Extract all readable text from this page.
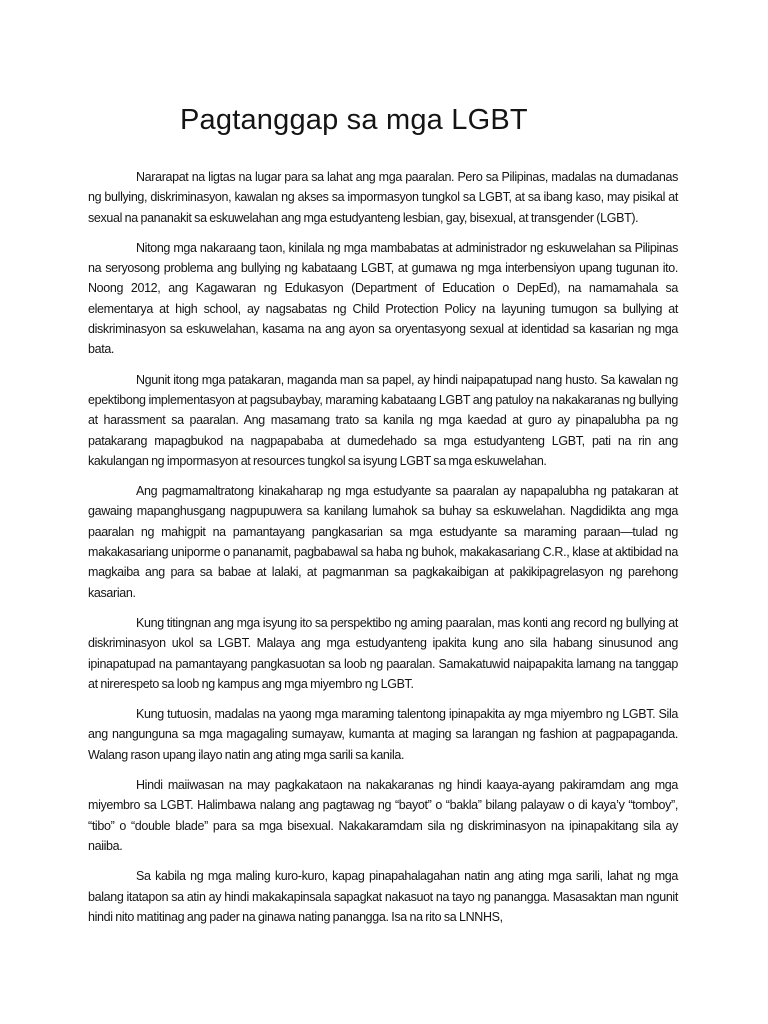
Pagtanggap sa mga LGBT

Nararapat na ligtas na lugar para sa lahat ang mga paaralan. Pero sa Pilipinas, madalas na dumadanas ng bullying, diskriminasyon, kawalan ng akses sa impormasyon tungkol sa LGBT, at sa ibang kaso, may pisikal at sexual na pananakit sa eskuwelahan ang mga estudyanteng lesbian, gay, bisexual, at transgender (LGBT).

Nitong mga nakaraang taon, kinilala ng mga mambabatas at administrador ng eskuwelahan sa Pilipinas na seryosong problema ang bullying ng kabataang LGBT, at gumawa ng mga interbensiyon upang tugunan ito. Noong 2012, ang Kagawaran ng Edukasyon (Department of Education o DepEd), na namamahala sa elementarya at high school, ay nagsabatas ng Child Protection Policy na layuning tumugon sa bullying at diskriminasyon sa eskuwelahan, kasama na ang ayon sa oryentasyong sexual at identidad sa kasarian ng mga bata.

Ngunit itong mga patakaran, maganda man sa papel, ay hindi naipapatupad nang husto. Sa kawalan ng epektibong implementasyon at pagsubaybay, maraming kabataang LGBT ang patuloy na nakakaranas ng bullying at harassment sa paaralan. Ang masamang trato sa kanila ng mga kaedad at guro ay pinapalubha pa ng patakarang mapagbukod na nagpapababa at dumedehado sa mga estudyanteng LGBT, pati na rin ang kakulangan ng impormasyon at resources tungkol sa isyung LGBT sa mga eskuwelahan.

Ang pagmamaltratong kinakaharap ng mga estudyante sa paaralan ay napapalubha ng patakaran at gawaing mapanghusgang nagpupuwera sa kanilang lumahok sa buhay sa eskuwelahan. Nagdidikta ang mga paaralan ng mahigpit na pamantayang pangkasarian sa mga estudyante sa maraming paraan—tulad ng makakasariang uniporme o pananamit, pagbabawal sa haba ng buhok, makakasariang C.R., klase at aktibidad na magkaiba ang para sa babae at lalaki, at pagmanman sa pagkakaibigan at pakikipagrelasyon ng parehong kasarian.

Kung titingnan ang mga isyung ito sa perspektibo ng aming paaralan, mas konti ang record ng bullying at diskriminasyon ukol sa LGBT. Malaya ang mga estudyanteng ipakita kung ano sila habang sinusunod ang ipinapatupad na pamantayang pangkasuotan sa loob ng paaralan. Samakatuwid naipapakita lamang na tanggap at nirerespeto sa loob ng kampus ang mga miyembro ng LGBT.

Kung tutuosin, madalas na yaong mga maraming talentong ipinapakita ay mga miyembro ng LGBT. Sila ang nangunguna sa mga magagaling sumayaw, kumanta at maging sa larangan ng fashion at pagpapaganda. Walang rason upang ilayo natin ang ating mga sarili sa kanila.

Hindi maiiwasan na may pagkakataon na nakakaranas ng hindi kaaya-ayang pakiramdam ang mga miyembro sa LGBT. Halimbawa nalang ang pagtawag ng “bayot” o “bakla” bilang palayaw o di kaya’y “tomboy”, “tibo” o “double blade” para sa mga bisexual. Nakakaramdam sila ng diskriminasyon na ipinapakitang sila ay naiiba.

Sa kabila ng mga maling kuro-kuro, kapag pinapahalagahan natin ang ating mga sarili, lahat ng mga balang itatapon sa atin ay hindi makakapinsala sapagkat nakasuot na tayo ng panangga. Masasaktan man ngunit hindi nito matitinag ang pader na ginawa nating panangga. Isa na rito sa LNNHS,
